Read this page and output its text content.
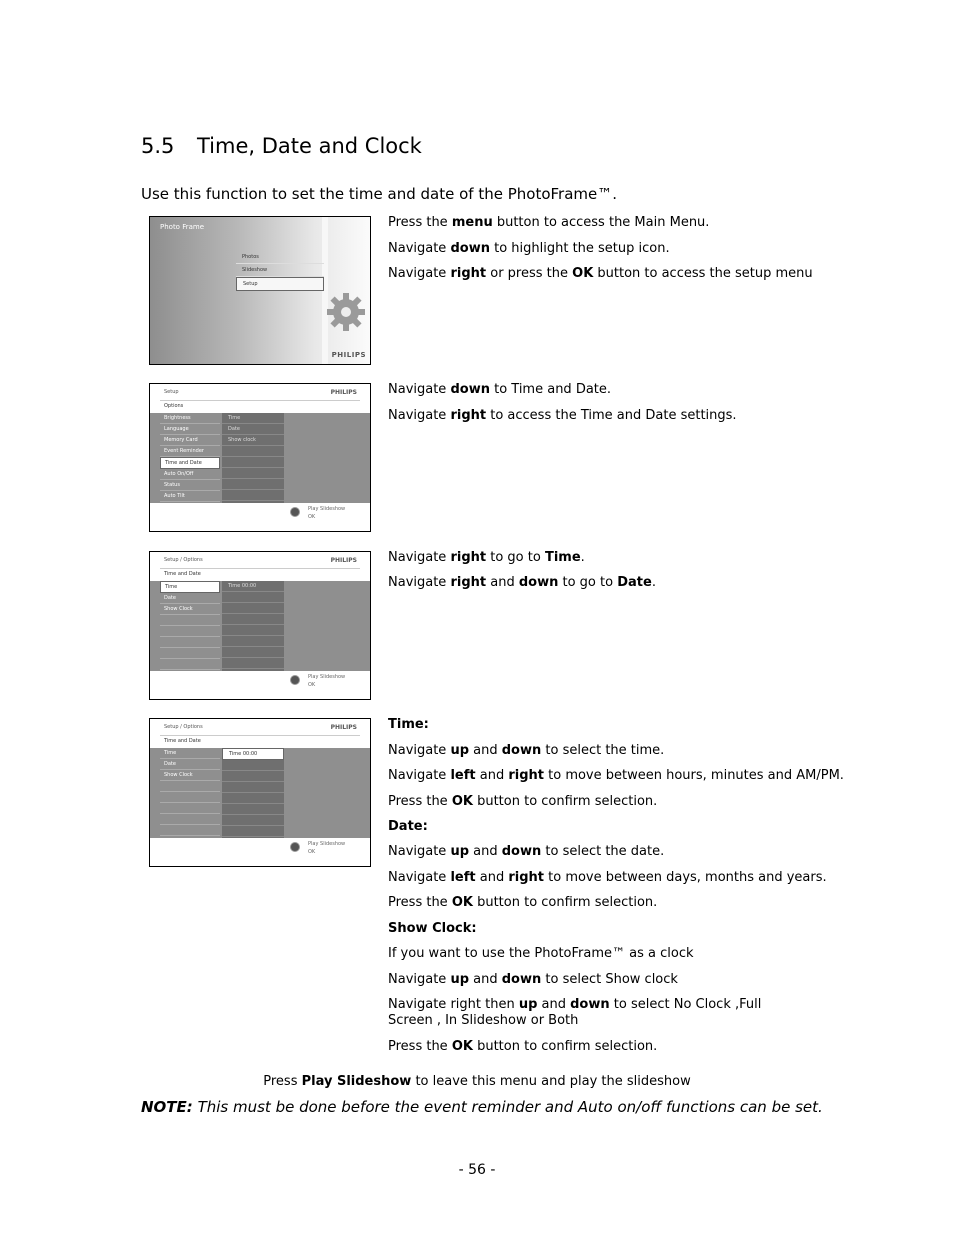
5.5 Time, Date and Clock
Use this function to set the time and date of the PhotoFrame™.
Photo Frame
Photos
Slideshow
Setup
PHILIPS
Setup	PHILIPS
Options
Brightness
Language
Memory Card
Event Reminder
Time and Date
Auto On/Off
Status
Auto Tilt
Time
Date
Show clock
Play Slideshow
OK
Setup / Options	PHILIPS
Time and Date
Time
Date
Show Clock
Time 00:00
Play Slideshow
OK
Setup / Options	PHILIPS
Time and Date
Time
Date
Show Clock
Time 00:00
Play Slideshow
OK
Press the menu button to access the Main Menu.
Navigate down to highlight the setup icon.
Navigate right or press the OK button to access the setup menu
Navigate down to Time and Date.
Navigate right to access the Time and Date settings.
Navigate right to go to Time.
Navigate right and down to go to Date.
Time:
Navigate up and down to select the time.
Navigate left and right to move between hours, minutes and AM/PM.
Press the OK button to confirm selection.
Date:
Navigate up and down to select the date.
Navigate left and right to move between days, months and years.
Press the OK button to confirm selection.
Show Clock:
If you want to use the PhotoFrame™ as a clock
Navigate up and down to select Show clock
Navigate right then up and down to select No Clock ,Full Screen , In Slideshow or Both
Press the OK button to confirm selection.
Press Play Slideshow to leave this menu and play the slideshow
NOTE: This must be done before the event reminder and Auto on/off functions can be set.
- 56 -
